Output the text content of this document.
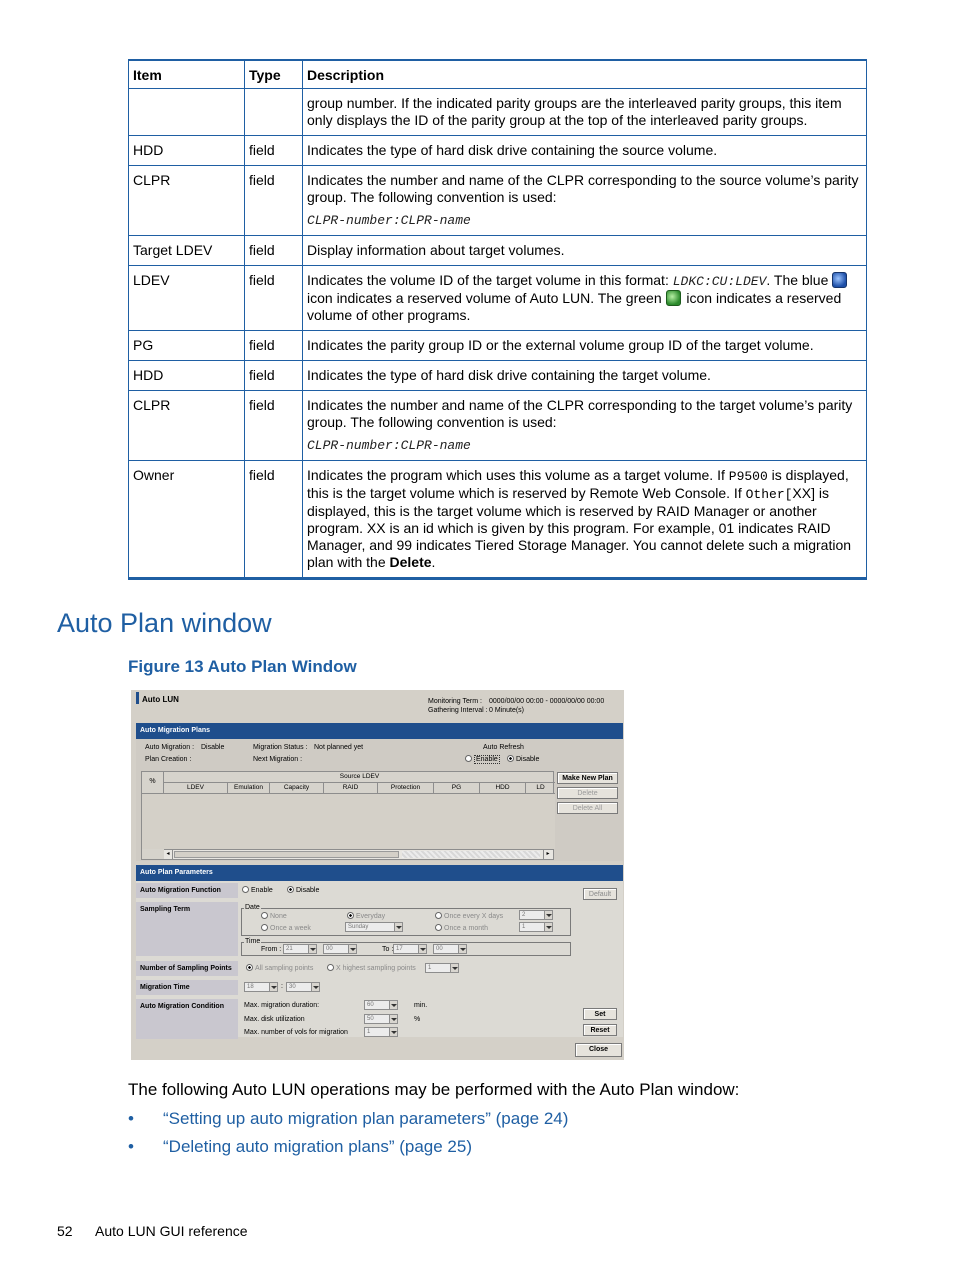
Item	Type	Description
		group number. If the indicated parity groups are the interleaved parity groups, this item only displays the ID of the parity group at the top of the interleaved parity groups.
HDD	field	Indicates the type of hard disk drive containing the source volume.
CLPR	field	Indicates the number and name of the CLPR corresponding to the source volume’s parity group. The following convention is used:
CLPR-number:CLPR-name

Target LDEV	field	Display information about target volumes.
LDEV	field	Indicates the volume ID of the target volume in this format: LDKC:CU:LDEV. The blue  icon indicates a reserved volume of Auto LUN. The green  icon indicates a reserved volume of other programs.
PG	field	Indicates the parity group ID or the external volume group ID of the target volume.
HDD	field	Indicates the type of hard disk drive containing the target volume.
CLPR	field	Indicates the number and name of the CLPR corresponding to the target volume’s parity group. The following convention is used:
CLPR-number:CLPR-name

Owner	field	Indicates the program which uses this volume as a target volume. If P9500 is displayed, this is the target volume which is reserved by Remote Web Console. If Other[XX] is displayed, this is the target volume which is reserved by RAID Manager or another program. XX is an id which is given by this program. For example, 01 indicates RAID Manager, and 99 indicates Tiered Storage Manager. You cannot delete such a migration plan with the Delete.
Auto Plan window
Figure 13 Auto Plan Window
Auto LUN	Monitoring Term : 0000/00/00 00:00 - 0000/00/00 00:00
Gathering Interval : 0 Minute(s)
Auto Migration Plans
Auto Migration : Disable	Migration Status : Not planned yet
Plan Creation :	Next Migration :
Auto Refresh
Enable	Disable
%
Source LDEV
LDEV	Emulation	Capacity	RAID	Protection	PG	HDD	LD
◂	▸
Make New Plan
Delete
Delete All
Auto Plan Parameters
Auto Migration Function	Enable	Disable
Default
Sampling Term	Date
None	Everyday	Once every X days	2
Once a week	Sunday	Once a month	1
Time
From : 21	00	To : 17	00
Number of Sampling Points	All sampling points	X highest sampling points	1
Migration Time	18	:	30
Auto Migration Condition	Max. migration duration:	60	min.
Max. disk utilization	50	%
Max. number of vols for migration	1
Set
Reset
Close
The following Auto LUN operations may be performed with the Auto Plan window:
• “Setting up auto migration plan parameters” (page 24)
• “Deleting auto migration plans” (page 25)
52 Auto LUN GUI reference
